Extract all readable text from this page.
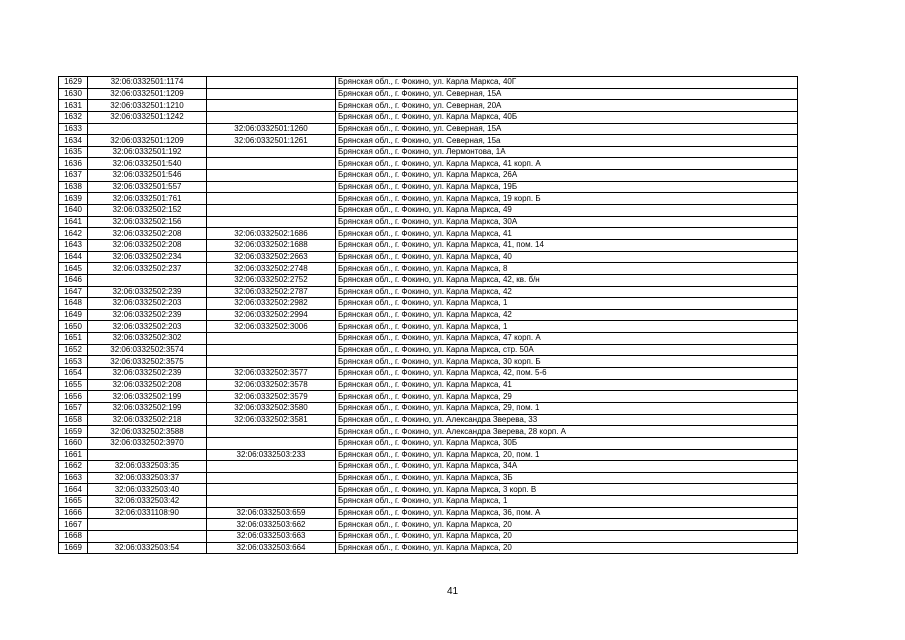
1629	32:06:0332501:1174		Брянская обл., г. Фокино, ул. Карла Маркса, 40Г
1630	32:06:0332501:1209		Брянская обл., г. Фокино, ул. Северная, 15А
1631	32:06:0332501:1210		Брянская обл., г. Фокино, ул. Северная, 20А
1632	32:06:0332501:1242		Брянская обл., г. Фокино, ул. Карла Маркса, 40Б
1633		32:06:0332501:1260	Брянская обл., г. Фокино, ул. Северная, 15А
1634	32:06:0332501:1209	32:06:0332501:1261	Брянская обл., г. Фокино, ул. Северная, 15а
1635	32:06:0332501:192		Брянская обл., г. Фокино, ул. Лермонтова, 1А
1636	32:06:0332501:540		Брянская обл., г. Фокино, ул. Карла Маркса, 41 корп. А
1637	32:06:0332501:546		Брянская обл., г. Фокино, ул. Карла Маркса, 26А
1638	32:06:0332501:557		Брянская обл., г. Фокино, ул. Карла Маркса, 19Б
1639	32:06:0332501:761		Брянская обл., г. Фокино, ул. Карла Маркса, 19 корп. Б
1640	32:06:0332502:152		Брянская обл., г. Фокино, ул. Карла Маркса, 49
1641	32:06:0332502:156		Брянская обл., г. Фокино, ул. Карла Маркса, 30А
1642	32:06:0332502:208	32:06:0332502:1686	Брянская обл., г. Фокино, ул. Карла Маркса, 41
1643	32:06:0332502:208	32:06:0332502:1688	Брянская обл., г. Фокино, ул. Карла Маркса, 41, пом. 14
1644	32:06:0332502:234	32:06:0332502:2663	Брянская обл., г. Фокино, ул. Карла Маркса, 40
1645	32:06:0332502:237	32:06:0332502:2748	Брянская обл., г. Фокино, ул. Карла Маркса, 8
1646		32:06:0332502:2752	Брянская обл., г. Фокино, ул. Карла Маркса, 42, кв. б/н
1647	32:06:0332502:239	32:06:0332502:2787	Брянская обл., г. Фокино, ул. Карла Маркса, 42
1648	32:06:0332502:203	32:06:0332502:2982	Брянская обл., г. Фокино, ул. Карла Маркса, 1
1649	32:06:0332502:239	32:06:0332502:2994	Брянская обл., г. Фокино, ул. Карла Маркса, 42
1650	32:06:0332502:203	32:06:0332502:3006	Брянская обл., г. Фокино, ул. Карла Маркса, 1
1651	32:06:0332502:302		Брянская обл., г. Фокино, ул. Карла Маркса, 47 корп. А
1652	32:06:0332502:3574		Брянская обл., г. Фокино, ул. Карла Маркса, стр. 50А
1653	32:06:0332502:3575		Брянская обл., г. Фокино, ул. Карла Маркса, 30 корп. Б
1654	32:06:0332502:239	32:06:0332502:3577	Брянская обл., г. Фокино, ул. Карла Маркса, 42, пом. 5-6
1655	32:06:0332502:208	32:06:0332502:3578	Брянская обл., г. Фокино, ул. Карла Маркса, 41
1656	32:06:0332502:199	32:06:0332502:3579	Брянская обл., г. Фокино, ул. Карла Маркса, 29
1657	32:06:0332502:199	32:06:0332502:3580	Брянская обл., г. Фокино, ул. Карла Маркса, 29, пом. 1
1658	32:06:0332502:218	32:06:0332502:3581	Брянская обл., г. Фокино, ул. Александра Зверева, 33
1659	32:06:0332502:3588		Брянская обл., г. Фокино, ул. Александра Зверева, 28 корп. А
1660	32:06:0332502:3970		Брянская обл., г. Фокино, ул. Карла Маркса, 30Б
1661		32:06:0332503:233	Брянская обл., г. Фокино, ул. Карла Маркса, 20, пом. 1
1662	32:06:0332503:35		Брянская обл., г. Фокино, ул. Карла Маркса, 34А
1663	32:06:0332503:37		Брянская обл., г. Фокино, ул. Карла Маркса, 3Б
1664	32:06:0332503:40		Брянская обл., г. Фокино, ул. Карла Маркса, 3 корп. В
1665	32:06:0332503:42		Брянская обл., г. Фокино, ул. Карла Маркса, 1
1666	32:06:0331108:90	32:06:0332503:659	Брянская обл., г. Фокино, ул. Карла Маркса, 36, пом. А
1667		32:06:0332503:662	Брянская обл., г. Фокино, ул. Карла Маркса, 20
1668		32:06:0332503:663	Брянская обл., г. Фокино, ул. Карла Маркса, 20
1669	32:06:0332503:54	32:06:0332503:664	Брянская обл., г. Фокино, ул. Карла Маркса, 20
41
